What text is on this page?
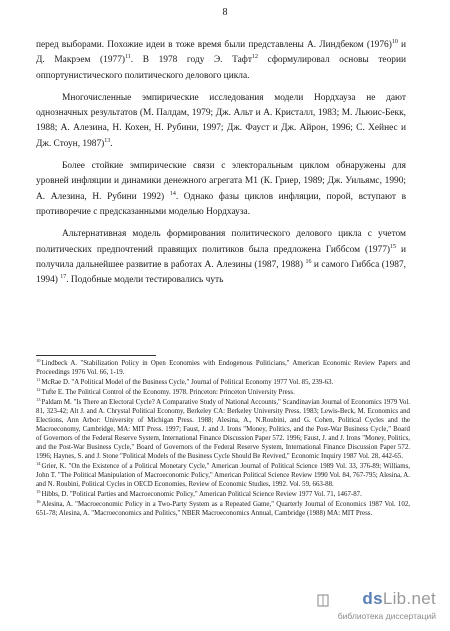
8

перед выборами. Похожие идеи в тоже время были представлены А. Линдбеком $(1976)^{10}$ и Д. Макрэем $(1977)^{11}$. В 1978 году Э. Тафт$^{12}$ сформулировал основы теории оппортунистического политического делового цикла.

Многочисленные эмпирические исследования модели Нордхауза не дают однозначных результатов (М. Палдам, 1979; Дж. Альт и А. Кристалл, 1983; М. Льюис-Бекк, 1988; А. Алезина, Н. Кохен, Н. Рубини, 1997; Дж. Фауст и Дж. Айрон, 1996; С. Хейнес и Дж. Стоун, 1987)$^{13}$.

Более стойкие эмпирические связи с электоральным циклом обнаружены для уровней инфляции и динамики денежного агрегата М1 (К. Гриер, 1989; Дж. Уильямс, 1990; А. Алезина, Н. Рубини 1992) $^{14}$. Однако фазы циклов инфляции, порой, вступают в противоречие с предсказанными моделью Нордхауза.

Альтернативная модель формирования политического делового цикла с учетом политических предпочтений правящих политиков была предложена Гиббсом $(1977)^{15}$ и получила дальнейшее развитие в работах А. Алезины (1987, 1988) $^{16}$ и самого Гиббса (1987, 1994) $^{17}$. Подобные модели тестировались чуть

$^{10}$Lindbeck A. "Stabilization Policy in Open Economies with Endogenous Politicians," American Economic Review Papers and Proceedings 1976 Vol. 66, 1-19.

$^{11}$McRae D. "A Political Model of the Business Cycle," Journal of Political Economy 1977 Vol. 85, 239-63.

$^{12}$Tufte E. The Political Control of the Economy. 1978. Princeton: Princeton University Press.

$^{13}$Paldam M. "Is There an Electoral Cycle? A Comparative Study of National Accounts," Scandinavian Journal of Economics 1979 Vol. 81, 323-42; Alt J. and A. Chrystal Political Economy, Berkeley CA: Berkeley University Press. 1983; Lewis-Beck, M. Economics and Elections, Ann Arbor: University of Michigan Press. 1988; Alesina, A., N.Roubini, and G. Cohen, Political Cycles and the Macroeconomy, Cambridge, MA: MIT Press. 1997; Faust, J. and J. Irons "Money, Politics, and the Post-War Business Cycle," Board of Governors of the Federal Reserve System, International Finance Discussion Paper 572. 1996; Faust, J. and J. Irons "Money, Politics, and the Post-War Business Cycle," Board of Governors of the Federal Reserve System, International Finance Discussion Paper 572. 1996; Haynes, S. and J. Stone "Political Models of the Business Cycle Should Be Revived," Economic Inquiry 1987 Vol. 28, 442-65.

$^{14}$Grier, K. "On the Existence of a Political Monetary Cycle," American Journal of Political Science 1989 Vol. 33, 376-89; Williams, John T. "The Political Manipulation of Macroeconomic Policy," American Political Science Review 1990 Vol. 84, 767-795; Alesina, A. and N. Roubini, Political Cycles in OECD Economies, Review of Economic Studies, 1992. Vol. 59, 663-88.

$^{15}$Hibbs, D. "Political Parties and Macroeconomic Policy," American Political Science Review 1977 Vol. 71, 1467-87.

$^{16}$Alesina, A. "Macroeconomic Policy in a Two-Party System as a Repeated Game," Quarterly Journal of Economics 1987 Vol. 102, 651-78; Alesina, A. "Macroeconomics and Politics," NBER Macroeconomics Annual, Cambridge (1988) MA: MIT Press.

dsLib.net
библиотека диссертаций
